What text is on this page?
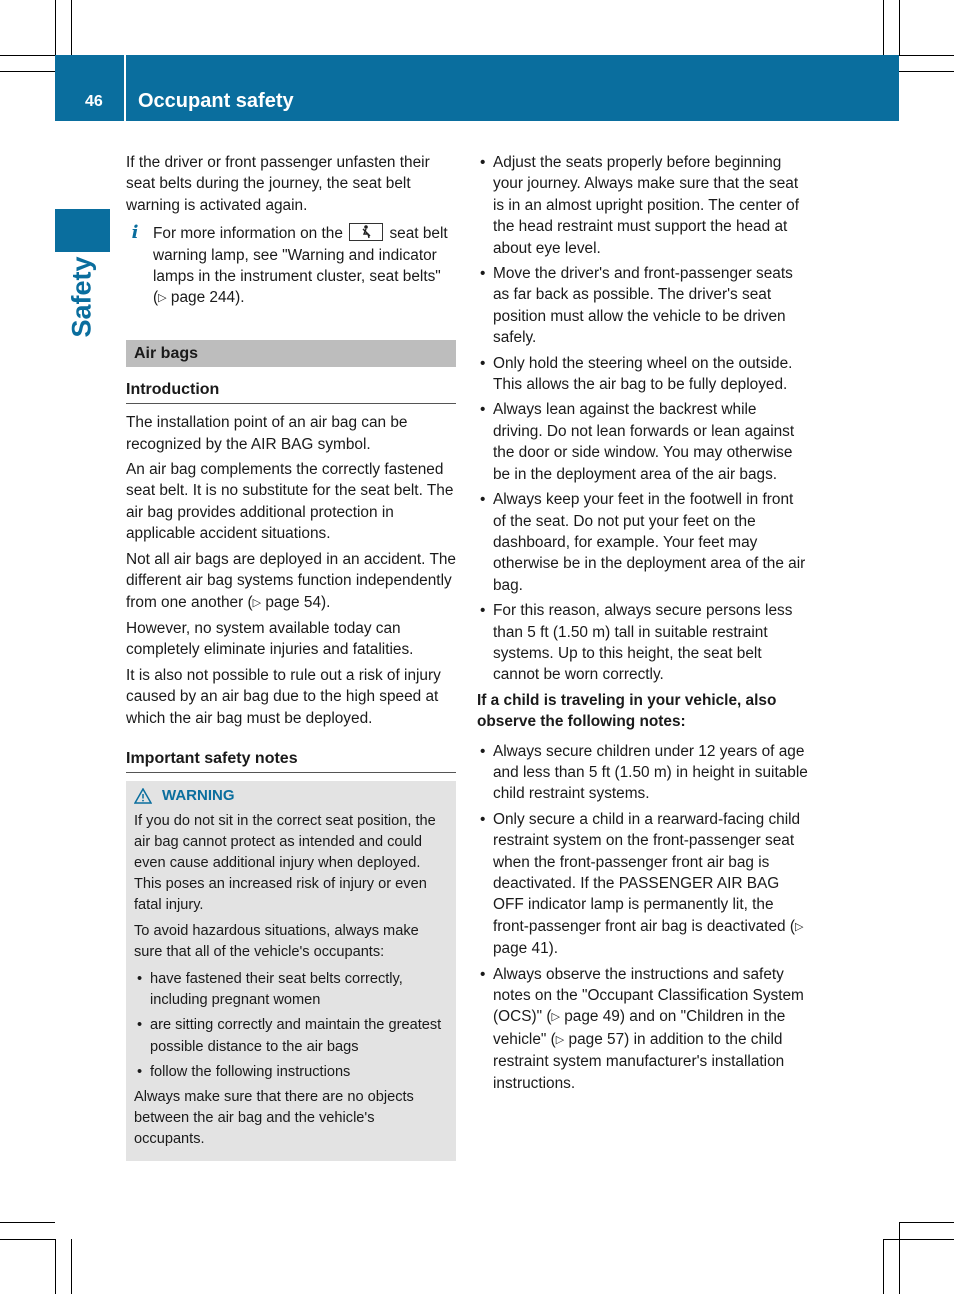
46 Occupant safety
Safety

If the driver or front passenger unfasten their seat belts during the journey, the seat belt warning is activated again.

i For more information on the	seat belt warning lamp, see "Warning and indicator lamps in the instrument cluster, seat belts" (▷ page 244).

Air bags
Introduction

The installation point of an air bag can be recognized by the AIR BAG symbol.

An air bag complements the correctly fastened seat belt. It is no substitute for the seat belt. The air bag provides additional protection in applicable accident situations.

Not all air bags are deployed in an accident. The different air bag systems function independently from one another (▷ page 54).

However, no system available today can completely eliminate injuries and fatalities.

It is also not possible to rule out a risk of injury caused by an air bag due to the high speed at which the air bag must be deployed.

Important safety notes
WARNING

If you do not sit in the correct seat position, the air bag cannot protect as intended and could even cause additional injury when deployed. This poses an increased risk of injury or even fatal injury.

To avoid hazardous situations, always make sure that all of the vehicle's occupants:

• have fastened their seat belts correctly, including pregnant women
• are sitting correctly and maintain the greatest possible distance to the air bags
• follow the following instructions

Always make sure that there are no objects between the air bag and the vehicle's occupants.

• Adjust the seats properly before beginning your journey. Always make sure that the seat is in an almost upright position. The center of the head restraint must support the head at about eye level.
• Move the driver's and front-passenger seats as far back as possible. The driver's seat position must allow the vehicle to be driven safely.
• Only hold the steering wheel on the outside. This allows the air bag to be fully deployed.
• Always lean against the backrest while driving. Do not lean forwards or lean against the door or side window. You may otherwise be in the deployment area of the air bags.
• Always keep your feet in the footwell in front of the seat. Do not put your feet on the dashboard, for example. Your feet may otherwise be in the deployment area of the air bag.
• For this reason, always secure persons less than 5 ft (1.50 m) tall in suitable restraint systems. Up to this height, the seat belt cannot be worn correctly.

If a child is traveling in your vehicle, also observe the following notes:

• Always secure children under 12 years of age and less than 5 ft (1.50 m) in height in suitable child restraint systems.
• Only secure a child in a rearward-facing child restraint system on the front-passenger seat when the front-passenger front air bag is deactivated. If the PASSENGER AIR BAG OFF indicator lamp is permanently lit, the front-passenger front air bag is deactivated (▷ page 41).
• Always observe the instructions and safety notes on the "Occupant Classification System (OCS)" (▷ page 49) and on "Children in the vehicle" (▷ page 57) in addition to the child restraint system manufacturer's installation instructions.
